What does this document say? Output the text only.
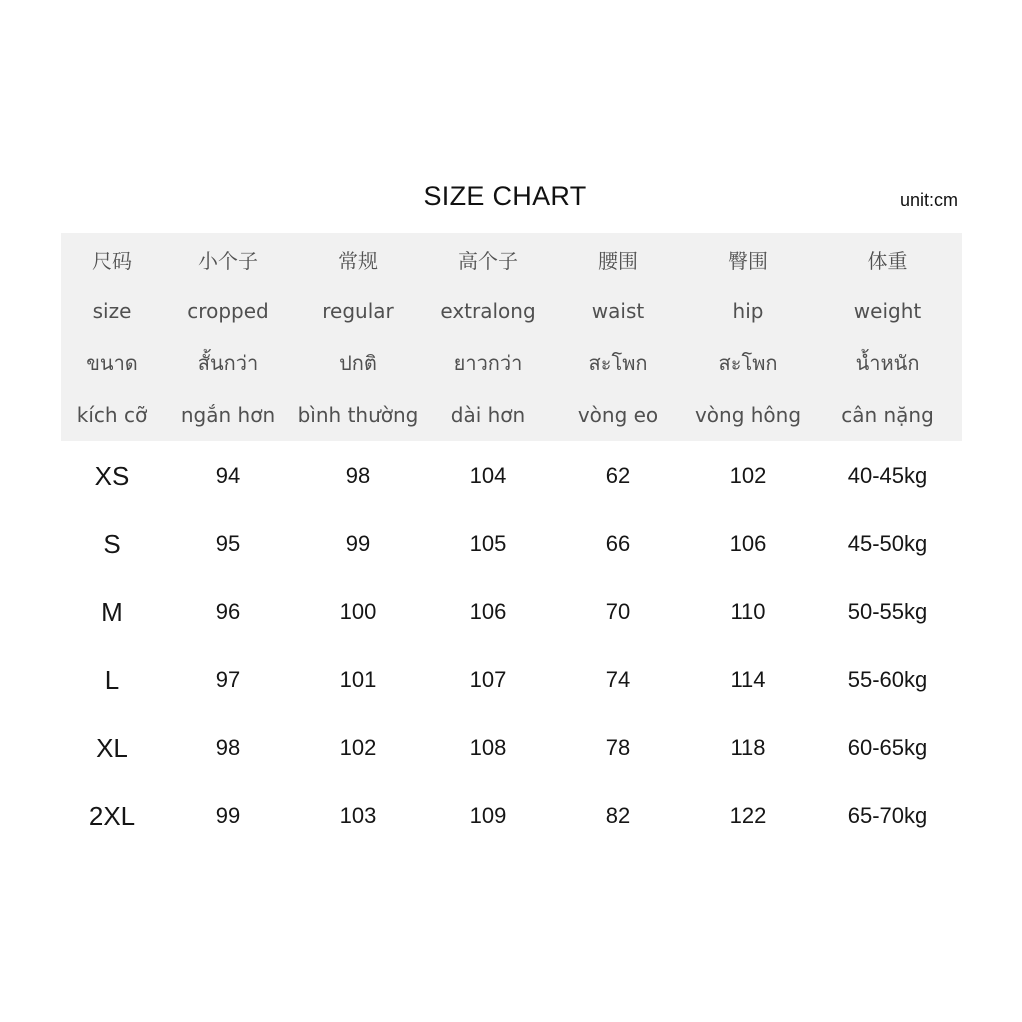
SIZE CHART	unit:cm
尺码	小个子	常规	高个子	腰围	臀围	体重
size	cropped	regular	extralong	waist	hip	weight
ขนาด	สั้นกว่า	ปกติ	ยาวกว่า	สะโพก	สะโพก	น้ำหนัก
kích cỡ	ngắn hơn	bình thường	dài hơn	vòng eo	vòng hông	cân nặng
XS	94	98	104	62	102	40-45kg
S	95	99	105	66	106	45-50kg
M	96	100	106	70	110	50-55kg
L	97	101	107	74	114	55-60kg
XL	98	102	108	78	118	60-65kg
2XL	99	103	109	82	122	65-70kg
